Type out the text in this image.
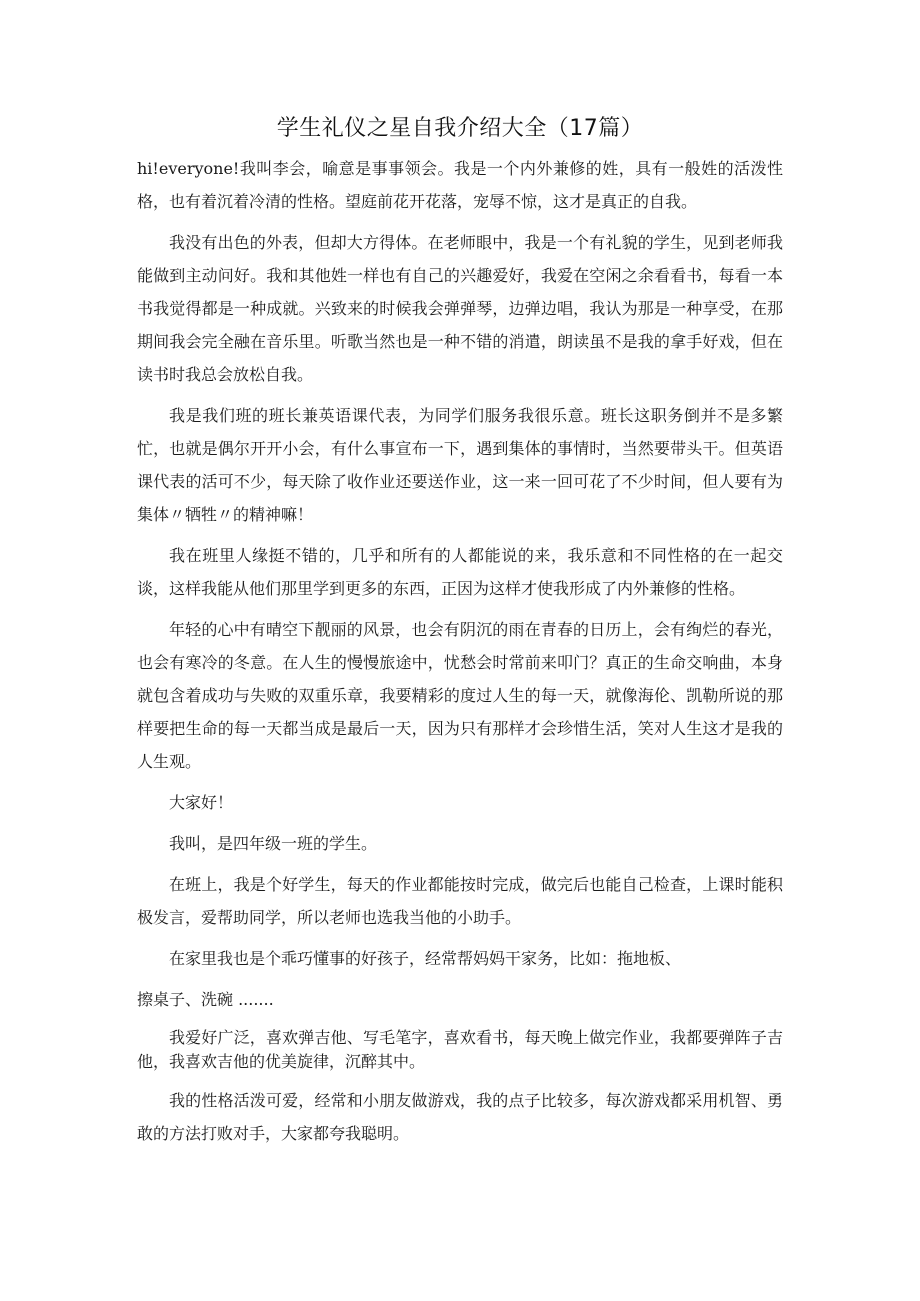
学生礼仪之星自我介绍大全（17篇）

hi!everyone!我叫李会，喻意是事事领会。我是一个内外兼修的姓，具有一般姓的活泼性格，也有着沉着冷清的性格。望庭前花开花落，宠辱不惊，这才是真正的自我。

我没有出色的外表，但却大方得体。在老师眼中，我是一个有礼貌的学生，见到老师我能做到主动问好。我和其他姓一样也有自己的兴趣爱好，我爱在空闲之余看看书，每看一本书我觉得都是一种成就。兴致来的时候我会弹弹琴，边弹边唱，我认为那是一种享受，在那期间我会完全融在音乐里。听歌当然也是一种不错的消遣，朗读虽不是我的拿手好戏，但在读书时我总会放松自我。

我是我们班的班长兼英语课代表，为同学们服务我很乐意。班长这职务倒并不是多繁忙，也就是偶尔开开小会，有什么事宣布一下，遇到集体的事情时，当然要带头干。但英语课代表的活可不少，每天除了收作业还要送作业，这一来一回可花了不少时间，但人要有为集体〃牺牲〃的精神嘛！

我在班里人缘挺不错的，几乎和所有的人都能说的来，我乐意和不同性格的在一起交谈，这样我能从他们那里学到更多的东西，正因为这样才使我形成了内外兼修的性格。

年轻的心中有晴空下靓丽的风景，也会有阴沉的雨在青春的日历上，会有绚烂的春光，也会有寒冷的冬意。在人生的慢慢旅途中，忧愁会时常前来叩门？真正的生命交响曲，本身就包含着成功与失败的双重乐章，我要精彩的度过人生的每一天，就像海伦、凯勒所说的那样要把生命的每一天都当成是最后一天，因为只有那样才会珍惜生活，笑对人生这才是我的人生观。

大家好！

我叫，是四年级一班的学生。

在班上，我是个好学生，每天的作业都能按时完成，做完后也能自己检查，上课时能积极发言，爱帮助同学，所以老师也选我当他的小助手。

在家里我也是个乖巧懂事的好孩子，经常帮妈妈干家务，比如：拖地板、

擦桌子、洗碗 .......

我爱好广泛，喜欢弹吉他、写毛笔字，喜欢看书，每天晚上做完作业，我都要弹阵子吉他，我喜欢吉他的优美旋律，沉醉其中。

我的性格活泼可爱，经常和小朋友做游戏，我的点子比较多，每次游戏都采用机智、勇敢的方法打败对手，大家都夸我聪明。
